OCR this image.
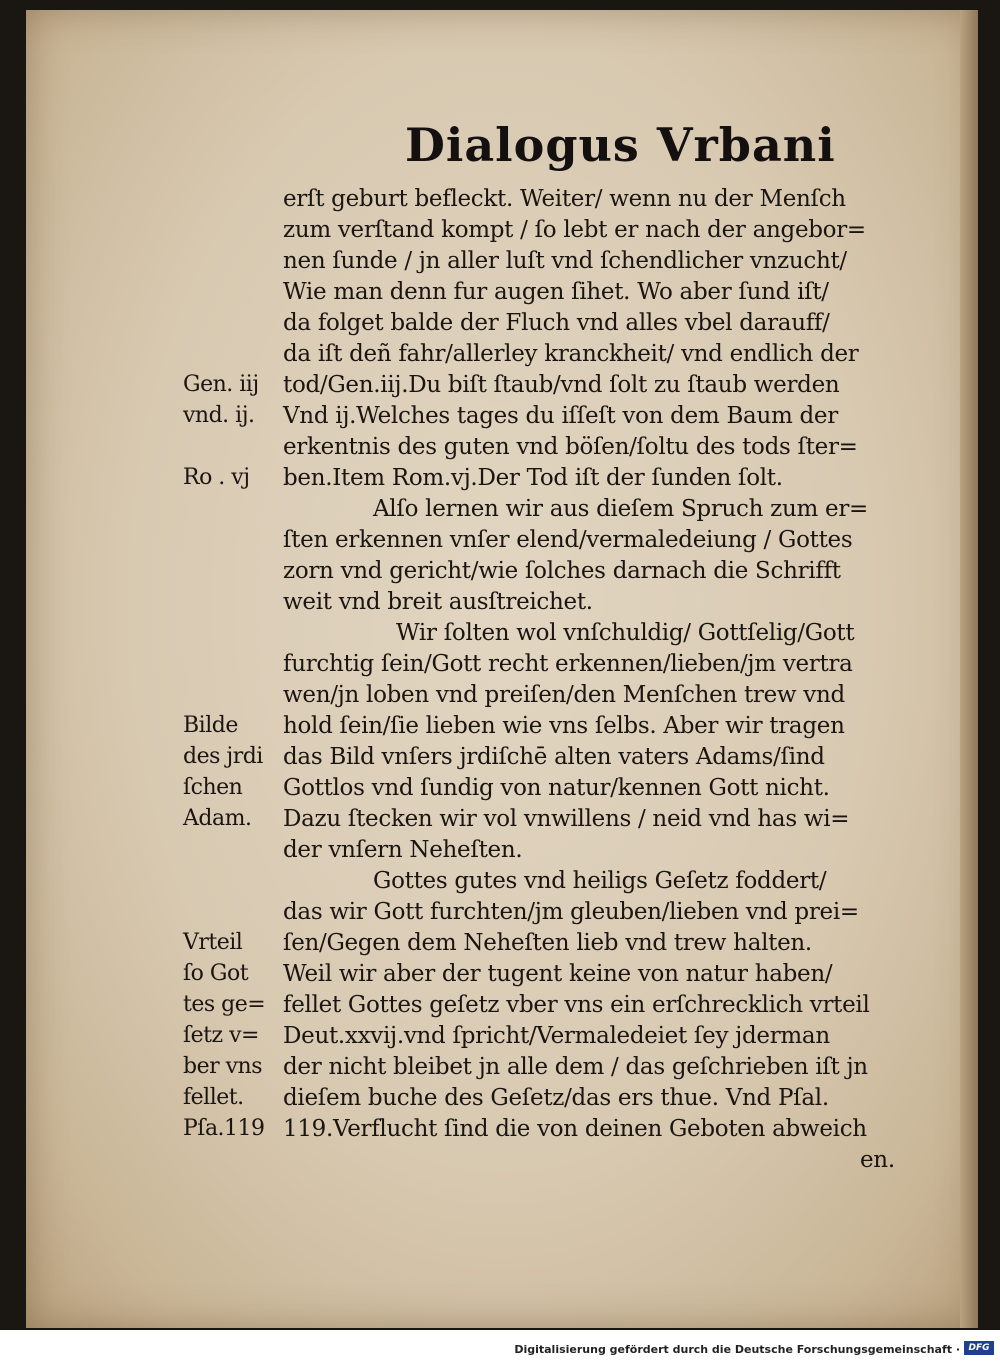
Dialogus Vrbani
erſt geburt befleckt. Weiter/ wenn nu der Menſch
zum verſtand kompt / ſo lebt er nach der angebor=
nen ſunde / jn aller luſt vnd ſchendlicher vnzucht/
Wie man denn fur augen ſihet. Wo aber ſund iſt/
da folget balde der Fluch vnd alles vbel darauff/
da iſt deñ fahr/allerley kranckheit/ vnd endlich der
tod/Gen.iij.Du biſt ſtaub/vnd ſolt zu ſtaub werden
Vnd ij.Welches tages du iſſeſt von dem Baum der
erkentnis des guten vnd böſen/ſoltu des tods ſter=
ben.Item Rom.vj.Der Tod iſt der ſunden ſolt.
Alſo lernen wir aus dieſem Spruch zum er=
ſten erkennen vnſer elend/vermaledeiung / Gottes
zorn vnd gericht/wie ſolches darnach die Schrifft
weit vnd breit ausſtreichet.
Wir ſolten wol vnſchuldig/ Gottſelig/Gott
furchtig ſein/Gott recht erkennen/lieben/jm vertra
wen/jn loben vnd preiſen/den Menſchen trew vnd
hold ſein/ſie lieben wie vns ſelbs. Aber wir tragen
das Bild vnſers jrdiſchē alten vaters Adams/ſind
Gottlos vnd ſundig von natur/kennen Gott nicht.
Dazu ſtecken wir vol vnwillens / neid vnd has wi=
der vnſern Neheſten.
Gottes gutes vnd heiligs Geſetz foddert/
das wir Gott furchten/jm gleuben/lieben vnd prei=
ſen/Gegen dem Neheſten lieb vnd trew halten.
Weil wir aber der tugent keine von natur haben/
fellet Gottes geſetz vber vns ein erſchrecklich vrteil
Deut.xxvij.vnd ſpricht/Vermaledeiet ſey jderman
der nicht bleibet jn alle dem / das geſchrieben iſt jn
dieſem buche des Geſetz/das ers thue. Vnd Pſal.
119.Verflucht ſind die von deinen Geboten abweich
en.
Gen. iij
vnd. ij.
Ro . vj
Bilde
des jrdi
ſchen
Adam.
Vrteil
ſo Got
tes ge=
ſetz v=
ber vns
fellet.
Pſa.119
Digitalisierung gefördert durch die Deutsche Forschungsgemeinschaft · DFG
